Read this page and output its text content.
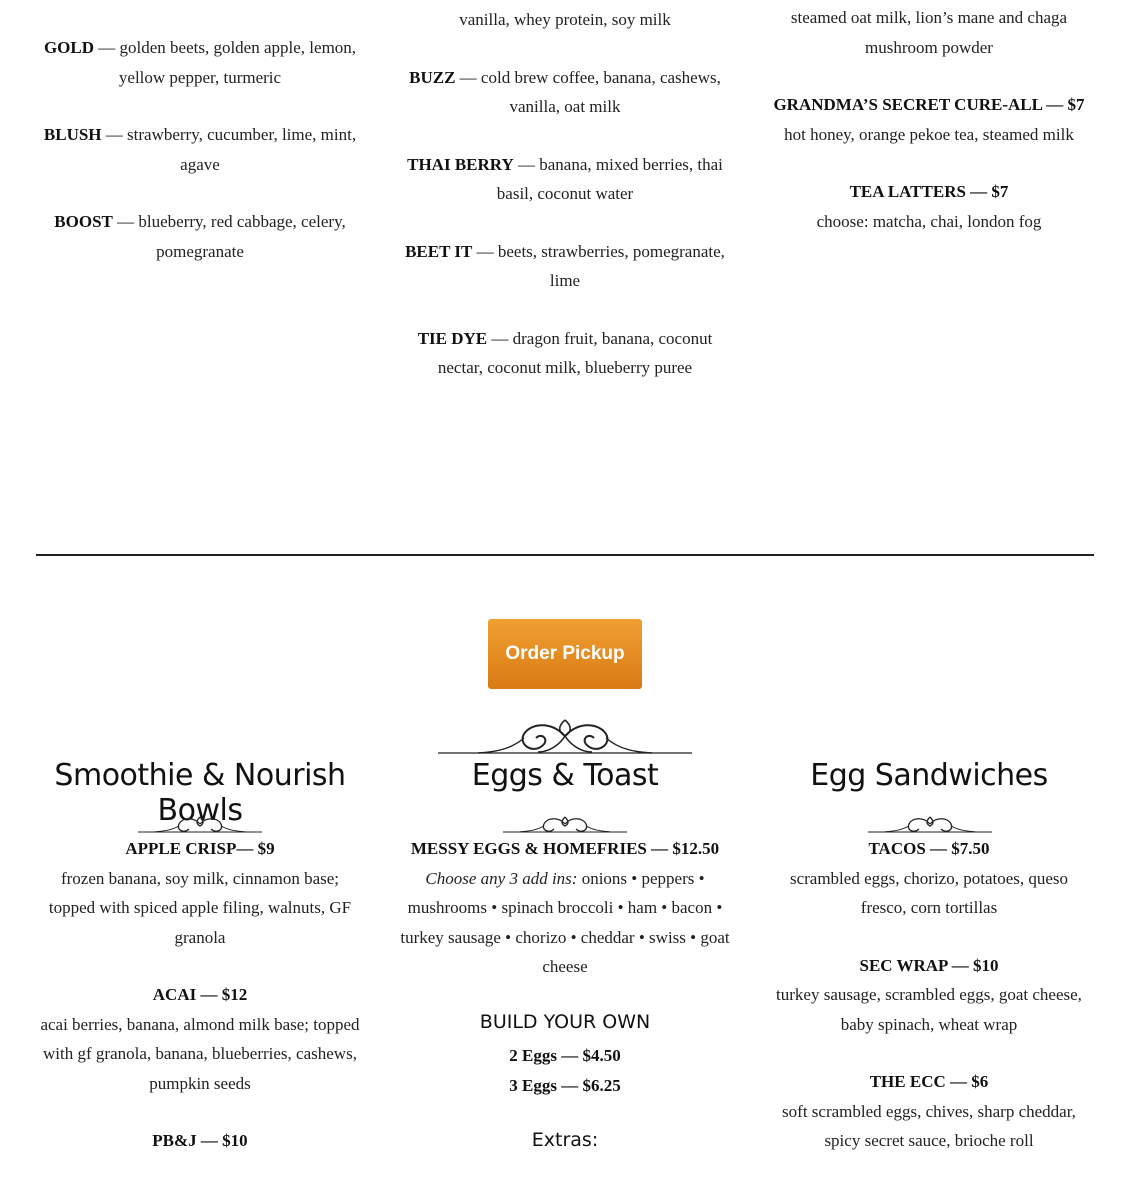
GOLD — golden beets, golden apple, lemon, yellow pepper, turmeric
BLUSH — strawberry, cucumber, lime, mint, agave
BOOST — blueberry, red cabbage, celery, pomegranate
vanilla, whey protein, soy milk
BUZZ — cold brew coffee, banana, cashews, vanilla, oat milk
THAI BERRY — banana, mixed berries, thai basil, coconut water
BEET IT — beets, strawberries, pomegranate, lime
TIE DYE — dragon fruit, banana, coconut nectar, coconut milk, blueberry puree
steamed oat milk, lion’s mane and chaga mushroom powder
GRANDMA’S SECRET CURE-ALL — $7
hot honey, orange pekoe tea, steamed milk
TEA LATTERS — $7
choose: matcha, chai, london fog
Order Pickup
Smoothie & Nourish Bowls
Eggs & Toast	Egg Sandwiches
APPLE CRISP— $9
frozen banana, soy milk, cinnamon base; topped with spiced apple filing, walnuts, GF granola
ACAI — $12
acai berries, banana, almond milk base; topped with gf granola, banana, blueberries, cashews, pumpkin seeds
PB&J — $10
MESSY EGGS & HOMEFRIES — $12.50
Choose any 3 add ins: onions • peppers • mushrooms • spinach broccoli • ham • bacon • turkey sausage • chorizo • cheddar • swiss • goat cheese
BUILD YOUR OWN
2 Eggs — $4.50
3 Eggs — $6.25
Extras:
TACOS — $7.50
scrambled eggs, chorizo, potatoes, queso fresco, corn tortillas
SEC WRAP — $10
turkey sausage, scrambled eggs, goat cheese, baby spinach, wheat wrap
THE ECC — $6
soft scrambled eggs, chives, sharp cheddar, spicy secret sauce, brioche roll
